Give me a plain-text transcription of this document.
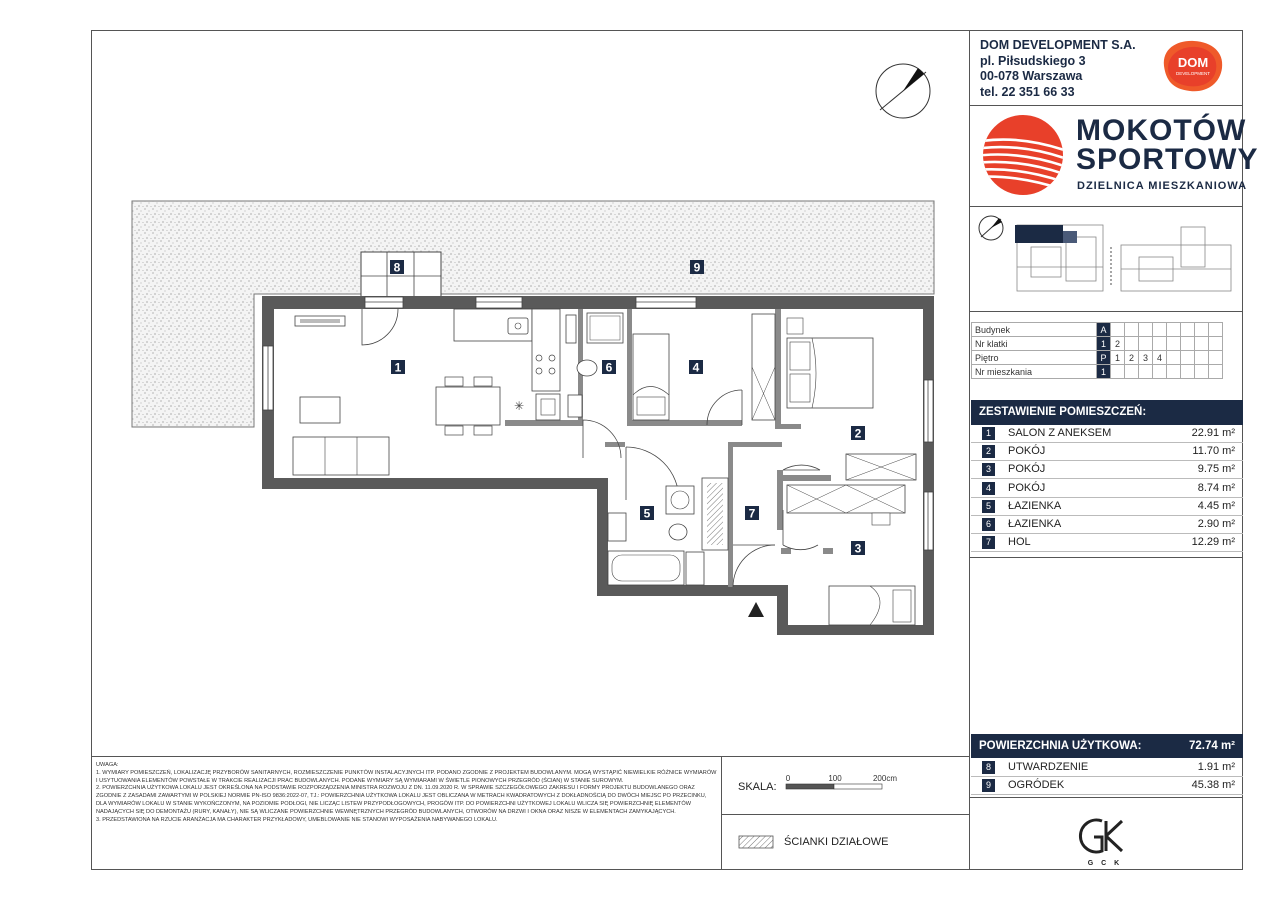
✳
1
2
3
4
5
6
7
8	9
DOM DEVELOPMENT S.A.
pl. Piłsudskiego 3
00-078 Warszawa
tel. 22 351 66 33
DOM
DEVELOPMENT
MOKOTÓW
SPORTOWY
DZIELNICA MIESZKANIOWA
Budynek	A								
Nr klatki	1	2							
Piętro	P	1	2	3	4				
Nr mieszkania	1								
ZESTAWIENIE POMIESZCZEŃ:
1	SALON Z ANEKSEM	22.91 m²
2	POKÓJ	11.70 m²
3	POKÓJ	9.75 m²
4	POKÓJ	8.74 m²
5	ŁAZIENKA	4.45 m²
6	ŁAZIENKA	2.90 m²
7	HOL	12.29 m²
POWIERZCHNIA UŻYTKOWA:	72.74 m²
8	UTWARDZENIE	1.91 m²
9	OGRÓDEK	45.38 m²
UWAGA:
1. WYMIARY POMIESZCZEŃ, LOKALIZACJĘ PRZYBORÓW SANITARNYCH, ROZMIESZCZENIE PUNKTÓW INSTALACYJNYCH ITP. PODANO ZGODNIE Z PROJEKTEM BUDOWLANYM. MOGĄ WYSTĄPIĆ NIEWIELKIE RÓŻNICE WYMIARÓW I USYTUOWANIA ELEMENTÓW POWSTAŁE W TRAKCIE REALIZACJI PRAC BUDOWLANYCH. PODANE WYMIARY SĄ WYMIARAMI W ŚWIETLE PIONOWYCH PRZEGRÓD (ŚCIAN) W STANIE SUROWYM.
2. POWIERZCHNIA UŻYTKOWA LOKALU JEST OKREŚLONA NA PODSTAWIE ROZPORZĄDZENIA MINISTRA ROZWOJU Z DN. 11.09.2020 R. W SPRAWIE SZCZEGÓŁOWEGO ZAKRESU I FORMY PROJEKTU BUDOWLANEGO ORAZ ZGODNIE Z ZASADAMI ZAWARTYMI W POLSKIEJ NORMIE PN-ISO 9836:2022-07, TJ.: POWIERZCHNIA UŻYTKOWA LOKALU JEST OBLICZANA W METRACH KWADRATOWYCH Z DOKŁADNOŚCIĄ DO DWÓCH MIEJSC PO PRZECINKU, DLA WYMIARÓW LOKALU W STANIE WYKOŃCZONYM, NA POZIOMIE PODŁOGI, NIE LICZĄC LISTEW PRZYPODŁOGOWYCH, PROGÓW ITP. DO POWIERZCHNI UŻYTKOWEJ LOKALU WLICZA SIĘ POWIERZCHNIĘ ELEMENTÓW NADAJĄCYCH SIĘ DO DEMONTAŻU (RURY, KANAŁY), NIE SĄ WLICZANE POWIERZCHNIE WEWNĘTRZNYCH PRZEGRÓD BUDOWLANYCH, OTWORÓW NA DRZWI I OKNA ORAZ NISZE W ELEMENTACH ZAMYKAJĄCYCH.
3. PRZEDSTAWIONA NA RZUCIE ARANŻACJA MA CHARAKTER PRZYKŁADOWY, UMEBLOWANIE NIE STANOWI WYPOSAŻENIA NABYWANEGO LOKALU.
SKALA:
0	100	200cm
ŚCIANKI DZIAŁOWE
G C K
